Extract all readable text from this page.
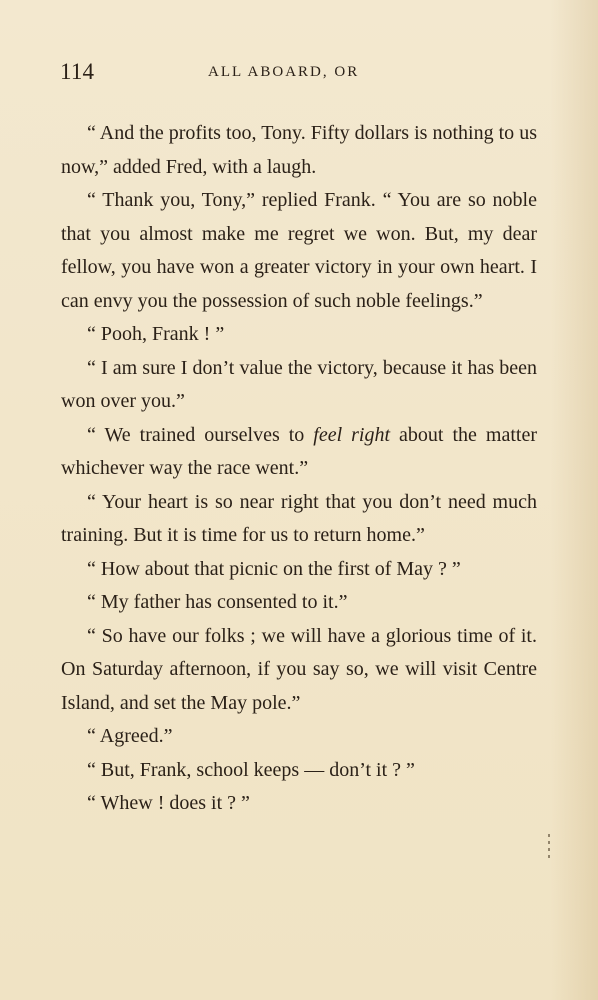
114	ALL ABOARD, OR

“ And the profits too, Tony. Fifty dollars is nothing to us now,” added Fred, with a laugh.

“ Thank you, Tony,” replied Frank. “ You are so noble that you almost make me regret we won. But, my dear fellow, you have won a greater victory in your own heart. I can envy you the possession of such noble feelings.”

“ Pooh, Frank ! ”

“ I am sure I don’t value the victory, because it has been won over you.”

“ We trained ourselves to feel right about the matter whichever way the race went.”

“ Your heart is so near right that you don’t need much training. But it is time for us to return home.”

“ How about that picnic on the first of May ? ”

“ My father has consented to it.”

“ So have our folks ; we will have a glorious time of it. On Saturday afternoon, if you say so, we will visit Centre Island, and set the May pole.”

“ Agreed.”

“ But, Frank, school keeps — don’t it ? ”

“ Whew ! does it ? ”
